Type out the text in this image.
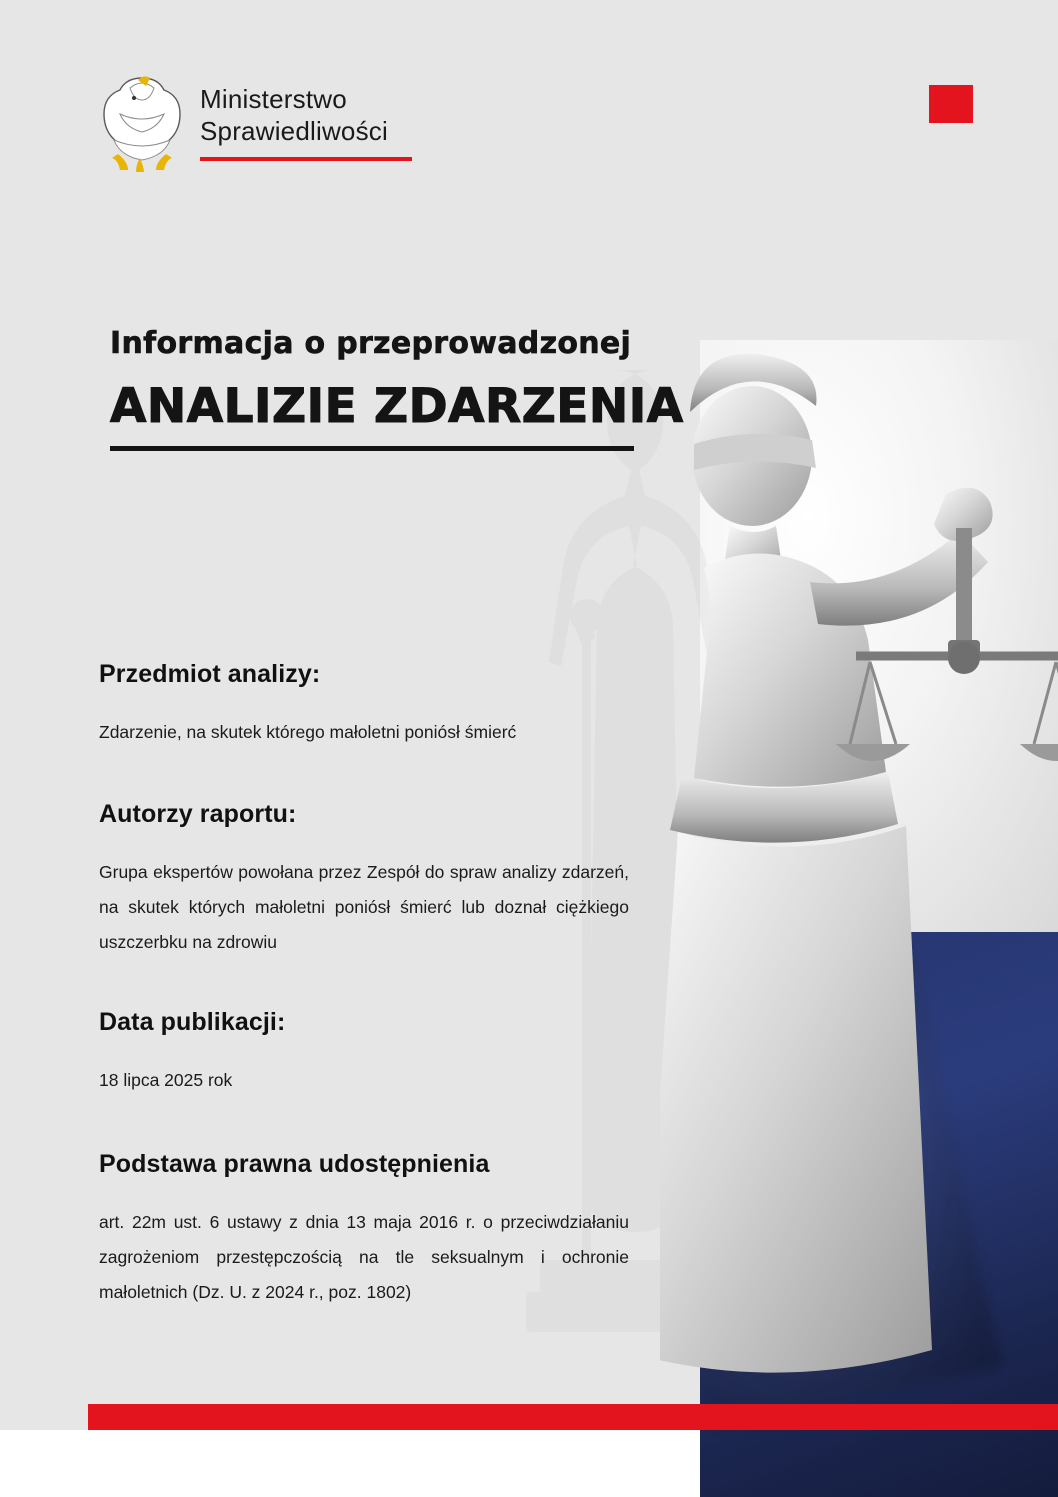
Ministerstwo
Sprawiedliwości
Informacja o przeprowadzonej
ANALIZIE ZDARZENIA
Przedmiot analizy:

Zdarzenie, na skutek którego małoletni poniósł śmierć

Autorzy raportu:

Grupa ekspertów powołana przez Zespół do spraw analizy zdarzeń, na skutek których małoletni poniósł śmierć lub doznał ciężkiego uszczerbku na zdrowiu

Data publikacji:

18 lipca 2025 rok

Podstawa prawna udostępnienia

art. 22m ust. 6 ustawy z dnia 13 maja 2016 r. o przeciwdziałaniu zagrożeniom przestępczością na tle seksualnym i ochronie małoletnich (Dz. U. z 2024 r., poz. 1802)
